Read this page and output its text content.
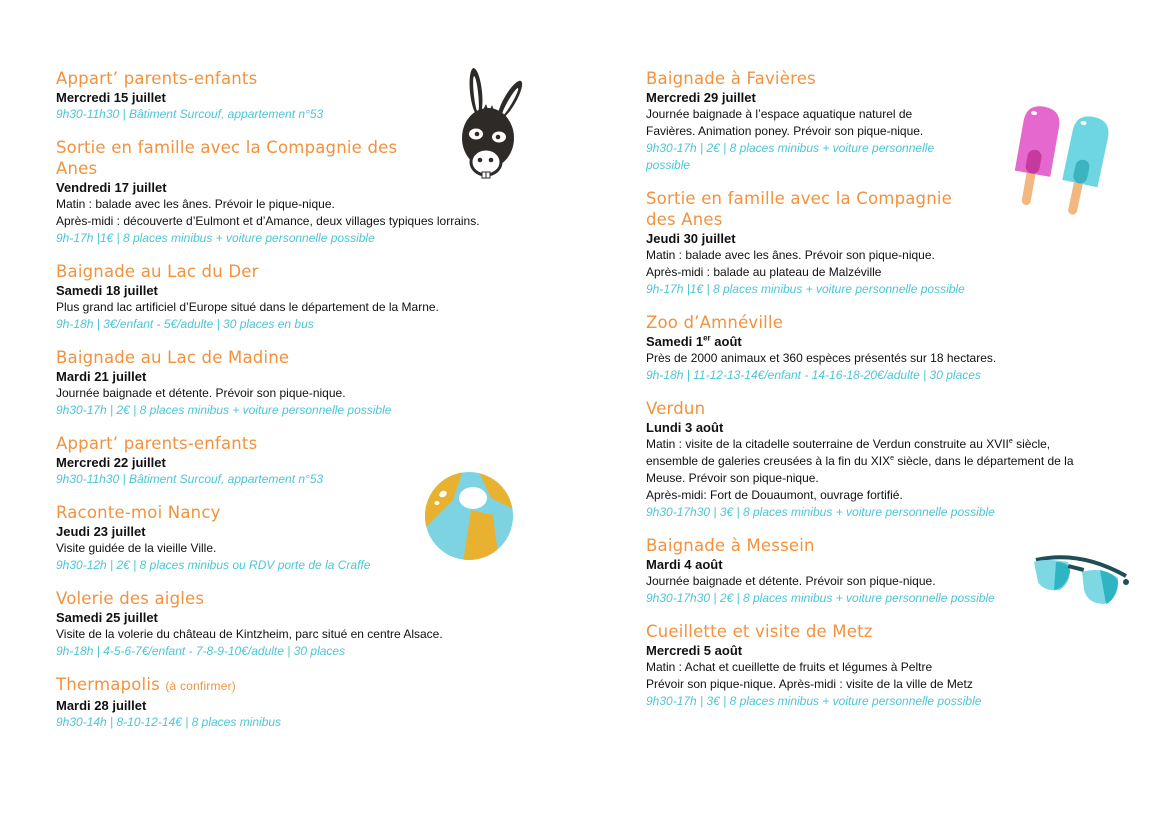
Appart’ parents-enfants
Mercredi 15 juillet
9h30-11h30 | Bâtiment Surcouf, appartement n°53
Sortie en famille avec la Compagnie des
Anes
Vendredi 17 juillet
Matin : balade avec les ânes. Prévoir le pique-nique.
Après-midi : découverte d’Eulmont et d’Amance, deux villages typiques lorrains.
9h-17h |1€ | 8 places minibus + voiture personnelle possible
Baignade au Lac du Der
Samedi 18 juillet
Plus grand lac artificiel d’Europe situé dans le département de la Marne.
9h-18h | 3€/enfant - 5€/adulte | 30 places en bus
Baignade au Lac de Madine
Mardi 21 juillet
Journée baignade et détente. Prévoir son pique-nique.
9h30-17h | 2€ | 8 places minibus + voiture personnelle possible
Appart’ parents-enfants
Mercredi 22 juillet
9h30-11h30 | Bâtiment Surcouf, appartement n°53
Raconte-moi Nancy
Jeudi 23 juillet
Visite guidée de la vieille Ville.
9h30-12h | 2€ | 8 places minibus ou RDV porte de la Craffe
Volerie des aigles
Samedi 25 juillet
Visite de la volerie du château de Kintzheim, parc situé en centre Alsace.
9h-18h | 4-5-6-7€/enfant - 7-8-9-10€/adulte | 30 places
Thermapolis (à confirmer)
Mardi 28 juillet
9h30-14h | 8-10-12-14€ | 8 places minibus
Baignade à Favières
Mercredi 29 juillet
Journée baignade à l’espace aquatique naturel de
Favières. Animation poney. Prévoir son pique-nique.
9h30-17h | 2€ | 8 places minibus + voiture personnelle
possible
Sortie en famille avec la Compagnie
des Anes
Jeudi 30 juillet
Matin : balade avec les ânes. Prévoir son pique-nique.
Après-midi : balade au plateau de Malzéville
9h-17h |1€ | 8 places minibus + voiture personnelle possible
Zoo d’Amnéville
Samedi 1er août
Près de 2000 animaux et 360 espèces présentés sur 18 hectares.
9h-18h | 11-12-13-14€/enfant - 14-16-18-20€/adulte | 30 places
Verdun
Lundi 3 août
Matin : visite de la citadelle souterraine de Verdun construite au XVIIe siècle,
ensemble de galeries creusées à la fin du XIXe siècle, dans le département de la
Meuse. Prévoir son pique-nique.
Après-midi: Fort de Douaumont, ouvrage fortifié.
9h30-17h30 | 3€ | 8 places minibus + voiture personnelle possible
Baignade à Messein
Mardi 4 août
Journée baignade et détente. Prévoir son pique-nique.
9h30-17h30 | 2€ | 8 places minibus + voiture personnelle possible
Cueillette et visite de Metz
Mercredi 5 août
Matin : Achat et cueillette de fruits et légumes à Peltre
Prévoir son pique-nique. Après-midi : visite de la ville de Metz
9h30-17h | 3€ | 8 places minibus + voiture personnelle possible
